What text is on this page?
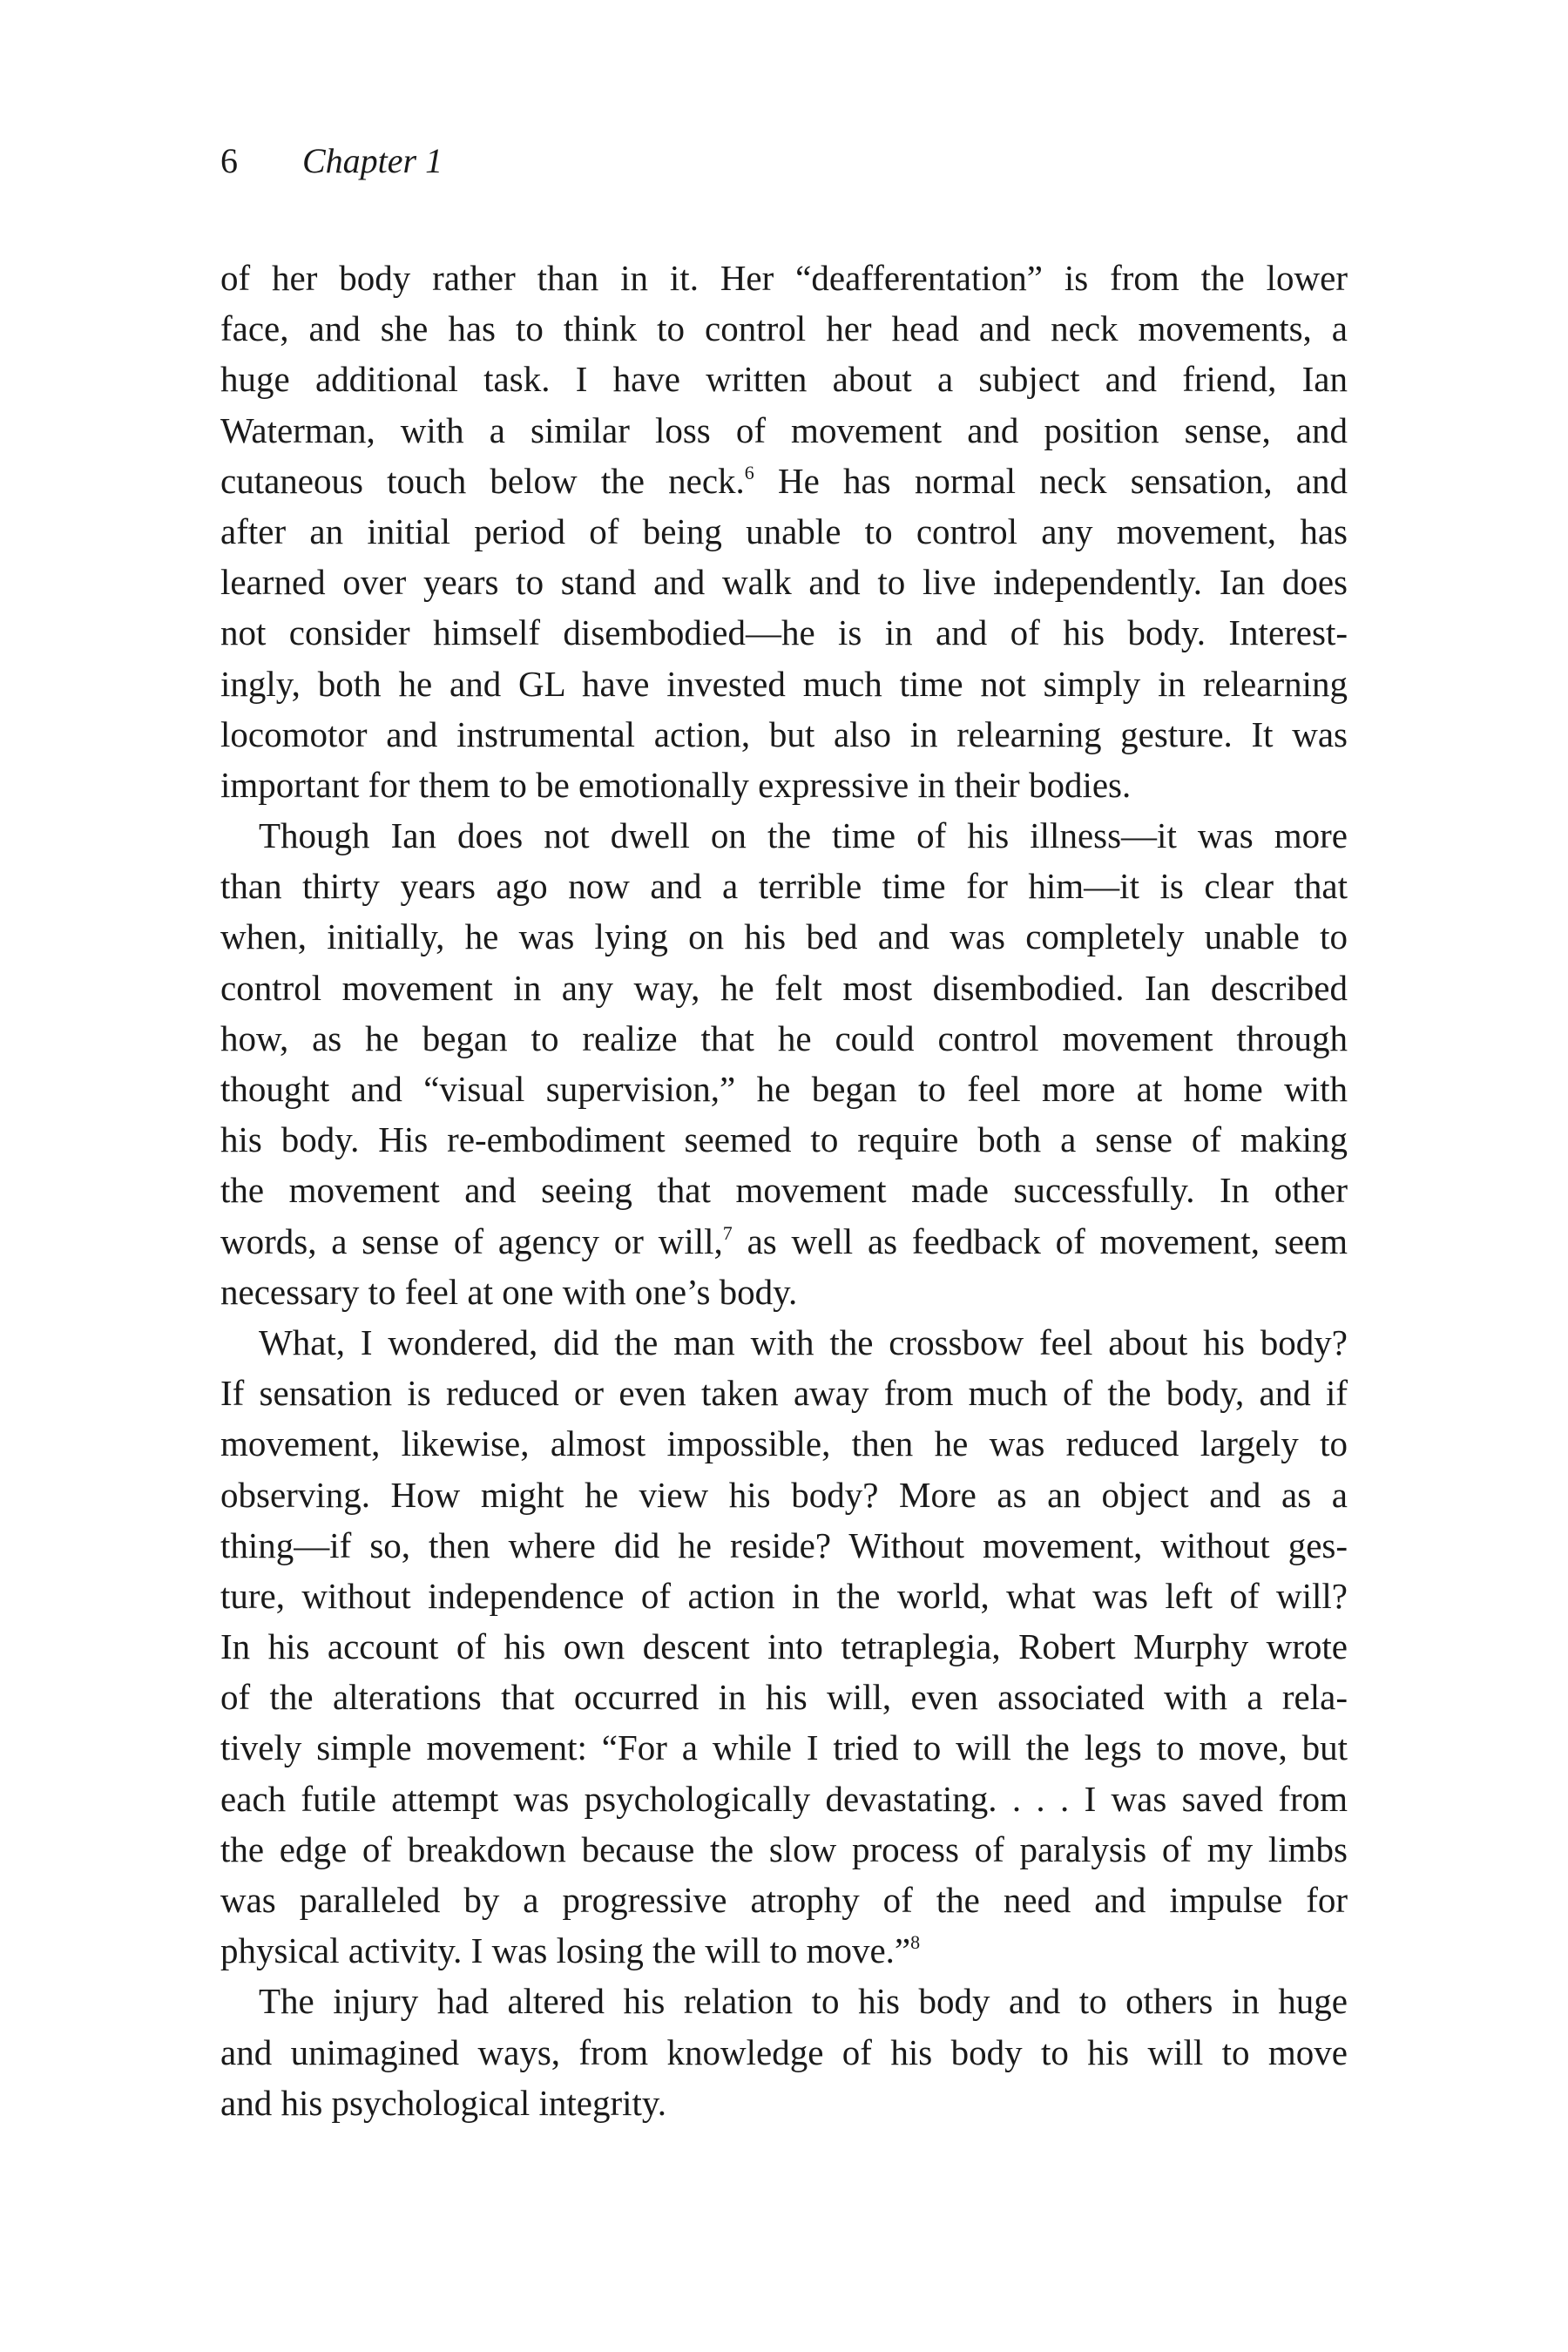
6 Chapter 1
of her body rather than in it. Her “deafferentation” is from the lower
face, and she has to think to control her head and neck movements, a
huge additional task. I have written about a subject and friend, Ian
Waterman, with a similar loss of movement and position sense, and
cutaneous touch below the neck.$^6$ He has normal neck sensation, and
after an initial period of being unable to control any movement, has
learned over years to stand and walk and to live independently. Ian does
not consider himself disembodied—he is in and of his body. Interest-
ingly, both he and GL have invested much time not simply in relearning
locomotor and instrumental action, but also in relearning gesture. It was
important for them to be emotionally expressive in their bodies.
Though Ian does not dwell on the time of his illness—it was more
than thirty years ago now and a terrible time for him—it is clear that
when, initially, he was lying on his bed and was completely unable to
control movement in any way, he felt most disembodied. Ian described
how, as he began to realize that he could control movement through
thought and “visual supervision,” he began to feel more at home with
his body. His re-embodiment seemed to require both a sense of making
the movement and seeing that movement made successfully. In other
words, a sense of agency or will,$^7$ as well as feedback of movement, seem
necessary to feel at one with one’s body.
What, I wondered, did the man with the crossbow feel about his body?
If sensation is reduced or even taken away from much of the body, and if
movement, likewise, almost impossible, then he was reduced largely to
observing. How might he view his body? More as an object and as a
thing—if so, then where did he reside? Without movement, without ges-
ture, without independence of action in the world, what was left of will?
In his account of his own descent into tetraplegia, Robert Murphy wrote
of the alterations that occurred in his will, even associated with a rela-
tively simple movement: “For a while I tried to will the legs to move, but
each futile attempt was psychologically devastating. . . . I was saved from
the edge of breakdown because the slow process of paralysis of my limbs
was paralleled by a progressive atrophy of the need and impulse for
physical activity. I was losing the will to move.”$^8$
The injury had altered his relation to his body and to others in huge
and unimagined ways, from knowledge of his body to his will to move
and his psychological integrity.
